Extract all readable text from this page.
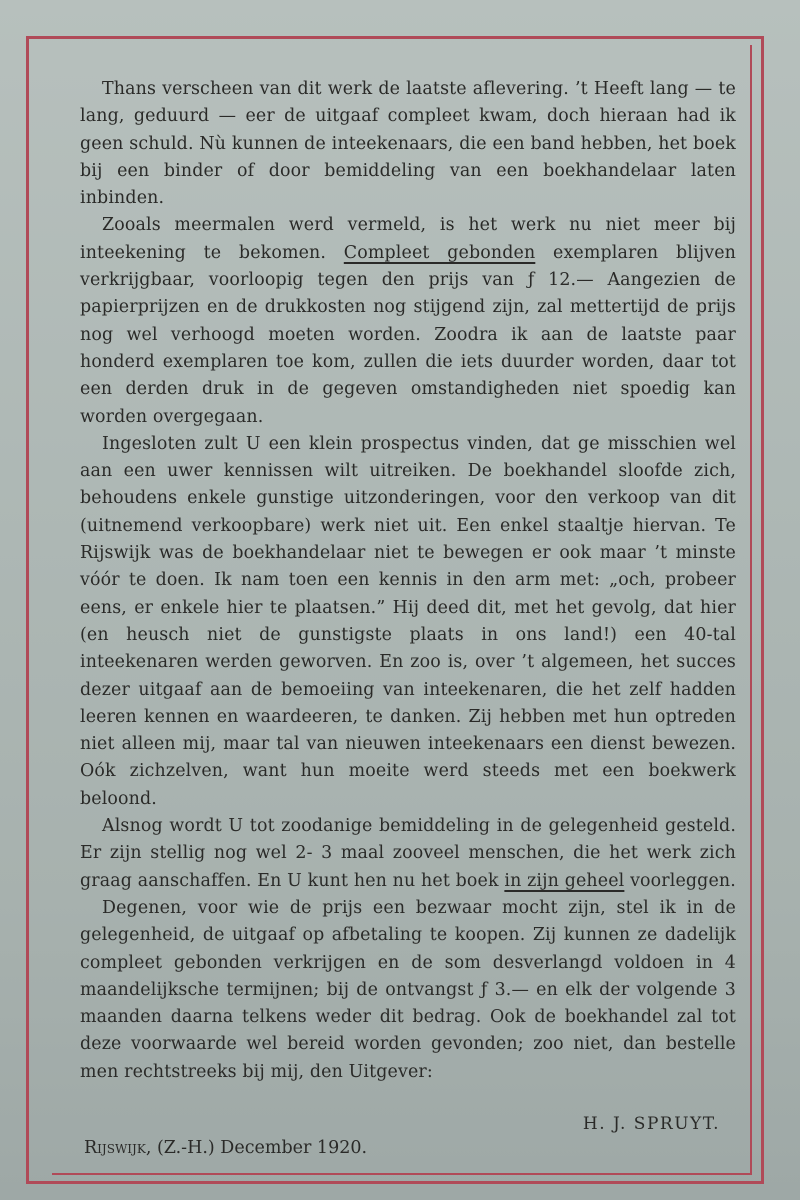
Thans verscheen van dit werk de laatste aflevering. ’t Heeft lang — te lang, geduurd — eer de uitgaaf compleet kwam, doch hieraan had ik geen schuld. Nù kunnen de inteekenaars, die een band hebben, het boek bij een binder of door bemiddeling van een boekhandelaar laten inbinden.

Zooals meermalen werd vermeld, is het werk nu niet meer bij inteekening te bekomen. Compleet gebonden exemplaren blijven verkrijgbaar, voorloopig tegen den prijs van ƒ 12.— Aangezien de papierprijzen en de drukkosten nog stijgend zijn, zal mettertijd de prijs nog wel verhoogd moeten worden. Zoodra ik aan de laatste paar honderd exemplaren toe kom, zullen die iets duurder worden, daar tot een derden druk in de gegeven omstandigheden niet spoedig kan worden overgegaan.

Ingesloten zult U een klein prospectus vinden, dat ge misschien wel aan een uwer kennissen wilt uitreiken. De boekhandel sloofde zich, behoudens enkele gunstige uitzonderingen, voor den verkoop van dit (uitnemend verkoopbare) werk niet uit. Een enkel staaltje hiervan. Te Rijswijk was de boekhandelaar niet te bewegen er ook maar ’t minste vóór te doen. Ik nam toen een kennis in den arm met: „och, probeer eens, er enkele hier te plaatsen.” Hij deed dit, met het gevolg, dat hier (en heusch niet de gunstigste plaats in ons land!) een 40-tal inteekenaren werden geworven. En zoo is, over ’t algemeen, het succes dezer uitgaaf aan de bemoeiing van inteekenaren, die het zelf hadden leeren kennen en waardeeren, te danken. Zij hebben met hun optreden niet alleen mij, maar tal van nieuwen inteekenaars een dienst bewezen. Oók zichzelven, want hun moeite werd steeds met een boekwerk beloond.

Alsnog wordt U tot zoodanige bemiddeling in de gelegenheid gesteld. Er zijn stellig nog wel 2- 3 maal zooveel menschen, die het werk zich graag aanschaffen. En U kunt hen nu het boek in zijn geheel voorleggen.

Degenen, voor wie de prijs een bezwaar mocht zijn, stel ik in de gelegenheid, de uitgaaf op afbetaling te koopen. Zij kunnen ze dadelijk compleet gebonden verkrijgen en de som desverlangd voldoen in 4 maandelijksche termijnen; bij de ontvangst ƒ 3.— en elk der volgende 3 maanden daarna telkens weder dit bedrag. Ook de boekhandel zal tot deze voorwaarde wel bereid worden gevonden; zoo niet, dan bestelle men rechtstreeks bij mij, den Uitgever:

H. J. SPRUYT.
Rijswijk, (Z.-H.) December 1920.
